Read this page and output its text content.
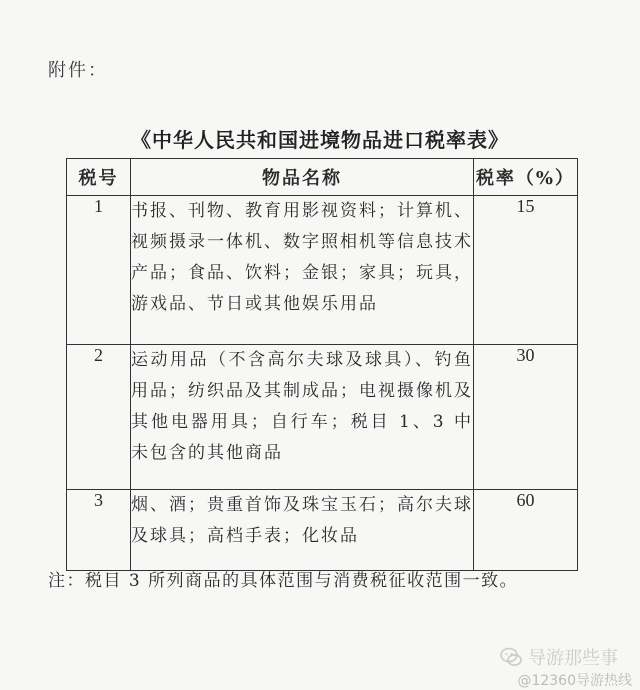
附件：
《中华人民共和国进境物品进口税率表》
税号	物品名称	税率（%）
1	书报、刊物、教育用影视资料；计算机、视频摄录一体机、数字照相机等信息技术产品；食品、饮料；金银；家具；玩具，游戏品、节日或其他娱乐用品	15
2	运动用品（不含高尔夫球及球具）、钓鱼用品；纺织品及其制成品；电视摄像机及其他电器用具；自行车；税目 1、3 中未包含的其他商品	30
3	烟、酒；贵重首饰及珠宝玉石；高尔夫球及球具；高档手表；化妆品	60
注：税目 3 所列商品的具体范围与消费税征收范围一致。
导游那些事
@12360导游热线
